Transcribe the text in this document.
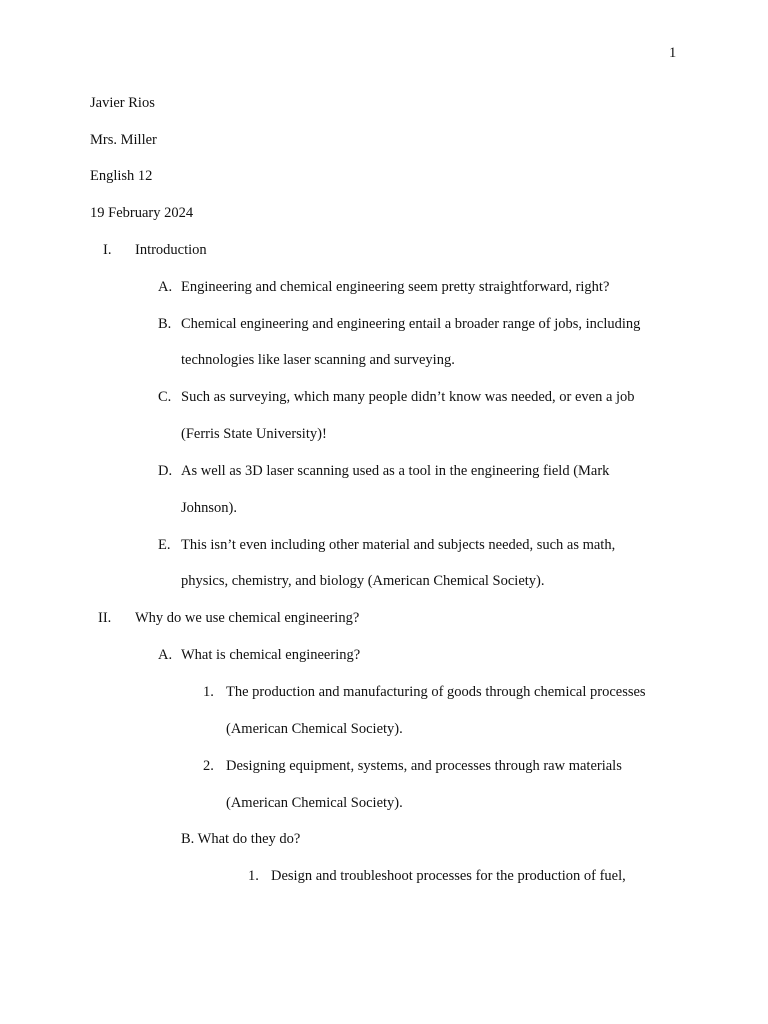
1
Javier Rios
Mrs. Miller
English 12
19 February 2024
I. Introduction
A. Engineering and chemical engineering seem pretty straightforward, right?
B. Chemical engineering and engineering entail a broader range of jobs, including
technologies like laser scanning and surveying.
C. Such as surveying, which many people didn’t know was needed, or even a job
(Ferris State University)!
D. As well as 3D laser scanning used as a tool in the engineering field (Mark
Johnson).
E. This isn’t even including other material and subjects needed, such as math,
physics, chemistry, and biology (American Chemical Society).
II. Why do we use chemical engineering?
A. What is chemical engineering?
1. The production and manufacturing of goods through chemical processes
(American Chemical Society).
2. Designing equipment, systems, and processes through raw materials
(American Chemical Society).
B. What do they do?
1. Design and troubleshoot processes for the production of fuel,
